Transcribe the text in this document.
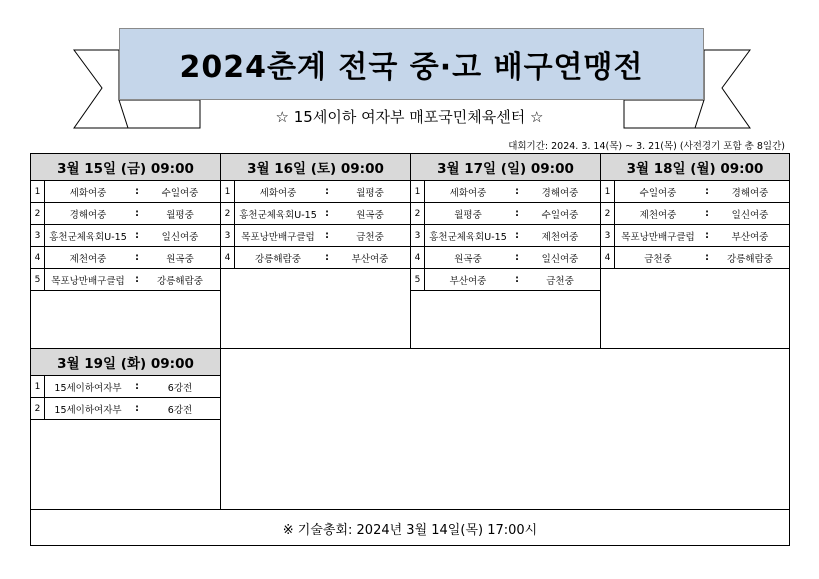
2024춘계 전국 중·고 배구연맹전
☆ 15세이하 여자부 매포국민체육센터 ☆
대회기간: 2024. 3. 14(목) ~ 3. 21(목) (사전경기 포함 총 8일간)
3월 15일 (금) 09:00
1	세화여중	:	수일여중
2	경해여중	:	월평중
3 홍천군체육회U-15 :	일신여중
4	제천여중	:	원곡중
5	목포낭만배구클럽	:	강릉해람중
3월 16일 (토) 09:00
1	세화여중	:	월평중
2 홍천군체육회U-15 :	원곡중
3	목포낭만배구클럽	:	금천중
4	강릉해람중	:	부산여중
3월 17일 (일) 09:00
1	세화여중	:	경해여중
2	월평중	:	수일여중
3 홍천군체육회U-15 :	제천여중
4	원곡중	:	일신여중
5	부산여중	:	금천중
3월 18일 (월) 09:00
1	수일여중	:	경해여중
2	제천여중	:	일신여중
3	목포낭만배구클럽	:	부산여중
4	금천중	:	강릉해람중
3월 19일 (화) 09:00
1	15세이하여자부	:	6강전
2	15세이하여자부	:	6강전
※ 기술총회: 2024년 3월 14일(목) 17:00시
